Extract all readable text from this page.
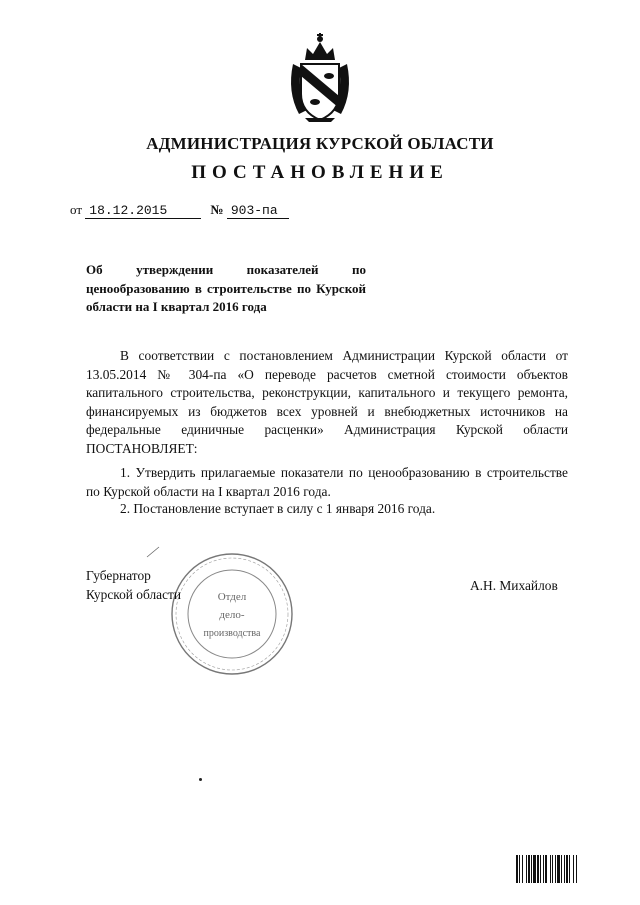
АДМИНИСТРАЦИЯ КУРСКОЙ ОБЛАСТИ
ПОСТАНОВЛЕНИЕ
от 18.12.2015	№ 903-па
Об утверждении показателей по ценообразованию в строительстве по Курской области на I квартал 2016 года
В соответствии с постановлением Администрации Курской области от 13.05.2014 № 304-па «О переводе расчетов сметной стоимости объектов капитального строительства, реконструкции, капитального и текущего ремонта, финансируемых из бюджетов всех уровней и внебюджетных источников на федеральные единичные расценки» Администрация Курской области ПОСТАНОВЛЯЕТ:
1. Утвердить прилагаемые показатели по ценообразованию в строительстве по Курской области на I квартал 2016 года.
2. Постановление вступает в силу с 1 января 2016 года.
Отдел
дело-
производства
Губернатор
Курской области
А.Н. Михайлов
